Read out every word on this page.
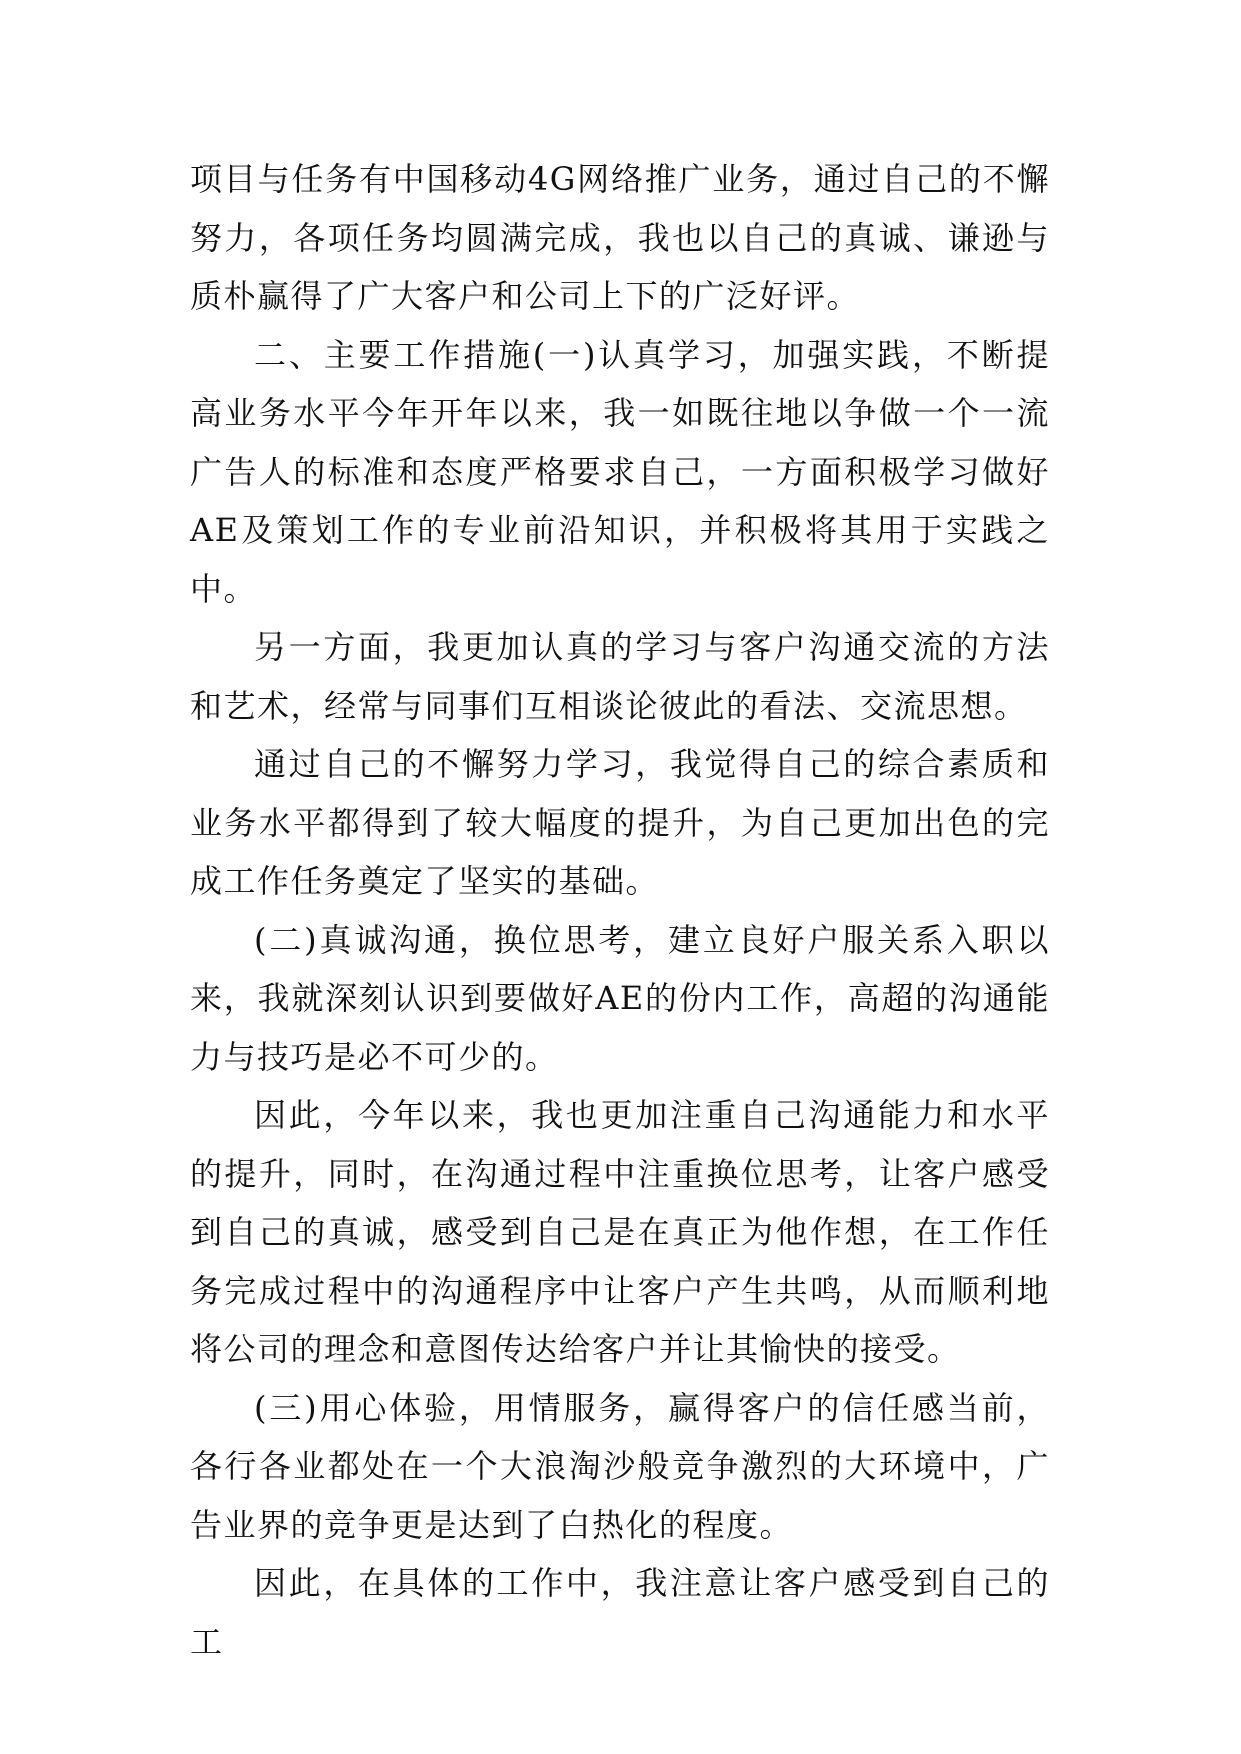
项目与任务有中国移动4G网络推广业务，通过自己的不懈努力，各项任务均圆满完成，我也以自己的真诚、谦逊与质朴赢得了广大客户和公司上下的广泛好评。

二、主要工作措施(一)认真学习，加强实践，不断提高业务水平今年开年以来，我一如既往地以争做一个一流广告人的标准和态度严格要求自己，一方面积极学习做好AE及策划工作的专业前沿知识，并积极将其用于实践之中。

另一方面，我更加认真的学习与客户沟通交流的方法和艺术，经常与同事们互相谈论彼此的看法、交流思想。

通过自己的不懈努力学习，我觉得自己的综合素质和业务水平都得到了较大幅度的提升，为自己更加出色的完成工作任务奠定了坚实的基础。

(二)真诚沟通，换位思考，建立良好户服关系入职以来，我就深刻认识到要做好AE的份内工作，高超的沟通能力与技巧是必不可少的。

因此，今年以来，我也更加注重自己沟通能力和水平的提升，同时，在沟通过程中注重换位思考，让客户感受到自己的真诚，感受到自己是在真正为他作想，在工作任务完成过程中的沟通程序中让客户产生共鸣，从而顺利地将公司的理念和意图传达给客户并让其愉快的接受。

(三)用心体验，用情服务，赢得客户的信任感当前，各行各业都处在一个大浪淘沙般竞争激烈的大环境中，广告业界的竞争更是达到了白热化的程度。

因此，在具体的工作中，我注意让客户感受到自己的工
